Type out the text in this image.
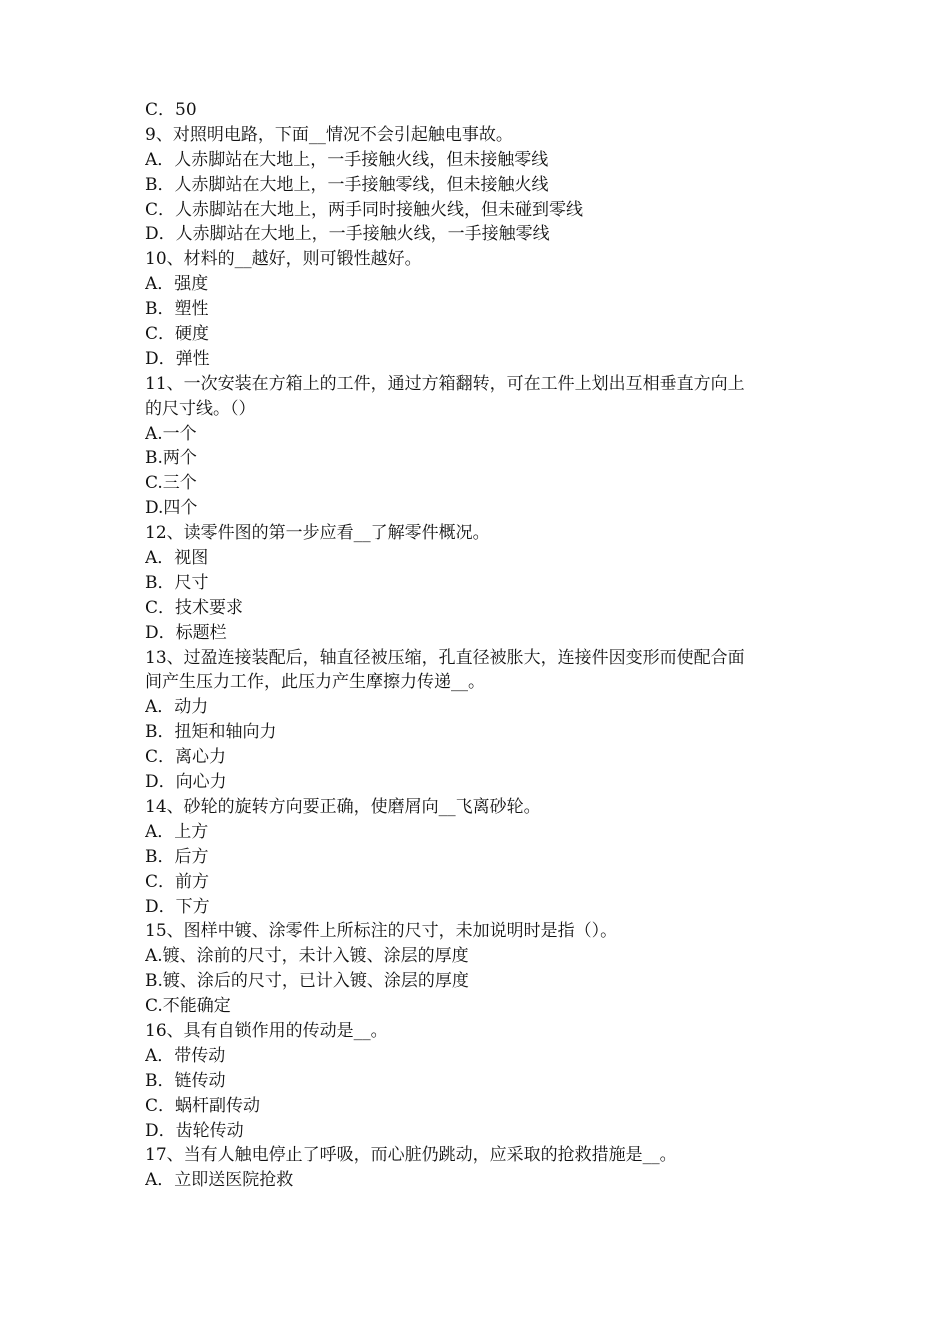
C．50
9、对照明电路，下面__情况不会引起触电事故。
A．人赤脚站在大地上，一手接触火线，但未接触零线
B．人赤脚站在大地上，一手接触零线，但未接触火线
C．人赤脚站在大地上，两手同时接触火线，但未碰到零线
D．人赤脚站在大地上，一手接触火线，一手接触零线
10、材料的__越好，则可锻性越好。
A．强度
B．塑性
C．硬度
D．弹性
11、一次安装在方箱上的工件，通过方箱翻转，可在工件上划出互相垂直方向上
的尺寸线。（）
A.一个
B.两个
C.三个
D.四个
12、读零件图的第一步应看__了解零件概况。
A．视图
B．尺寸
C．技术要求
D．标题栏
13、过盈连接装配后，轴直径被压缩，孔直径被胀大，连接件因变形而使配合面
间产生压力工作，此压力产生摩擦力传递__。
A．动力
B．扭矩和轴向力
C．离心力
D．向心力
14、砂轮的旋转方向要正确，使磨屑向__飞离砂轮。
A．上方
B．后方
C．前方
D．下方
15、图样中镀、涂零件上所标注的尺寸，未加说明时是指（）。
A.镀、涂前的尺寸，未计入镀、涂层的厚度
B.镀、涂后的尺寸，已计入镀、涂层的厚度
C.不能确定
16、具有自锁作用的传动是__。
A．带传动
B．链传动
C．蜗杆副传动
D．齿轮传动
17、当有人触电停止了呼吸，而心脏仍跳动，应采取的抢救措施是__。
A．立即送医院抢救
